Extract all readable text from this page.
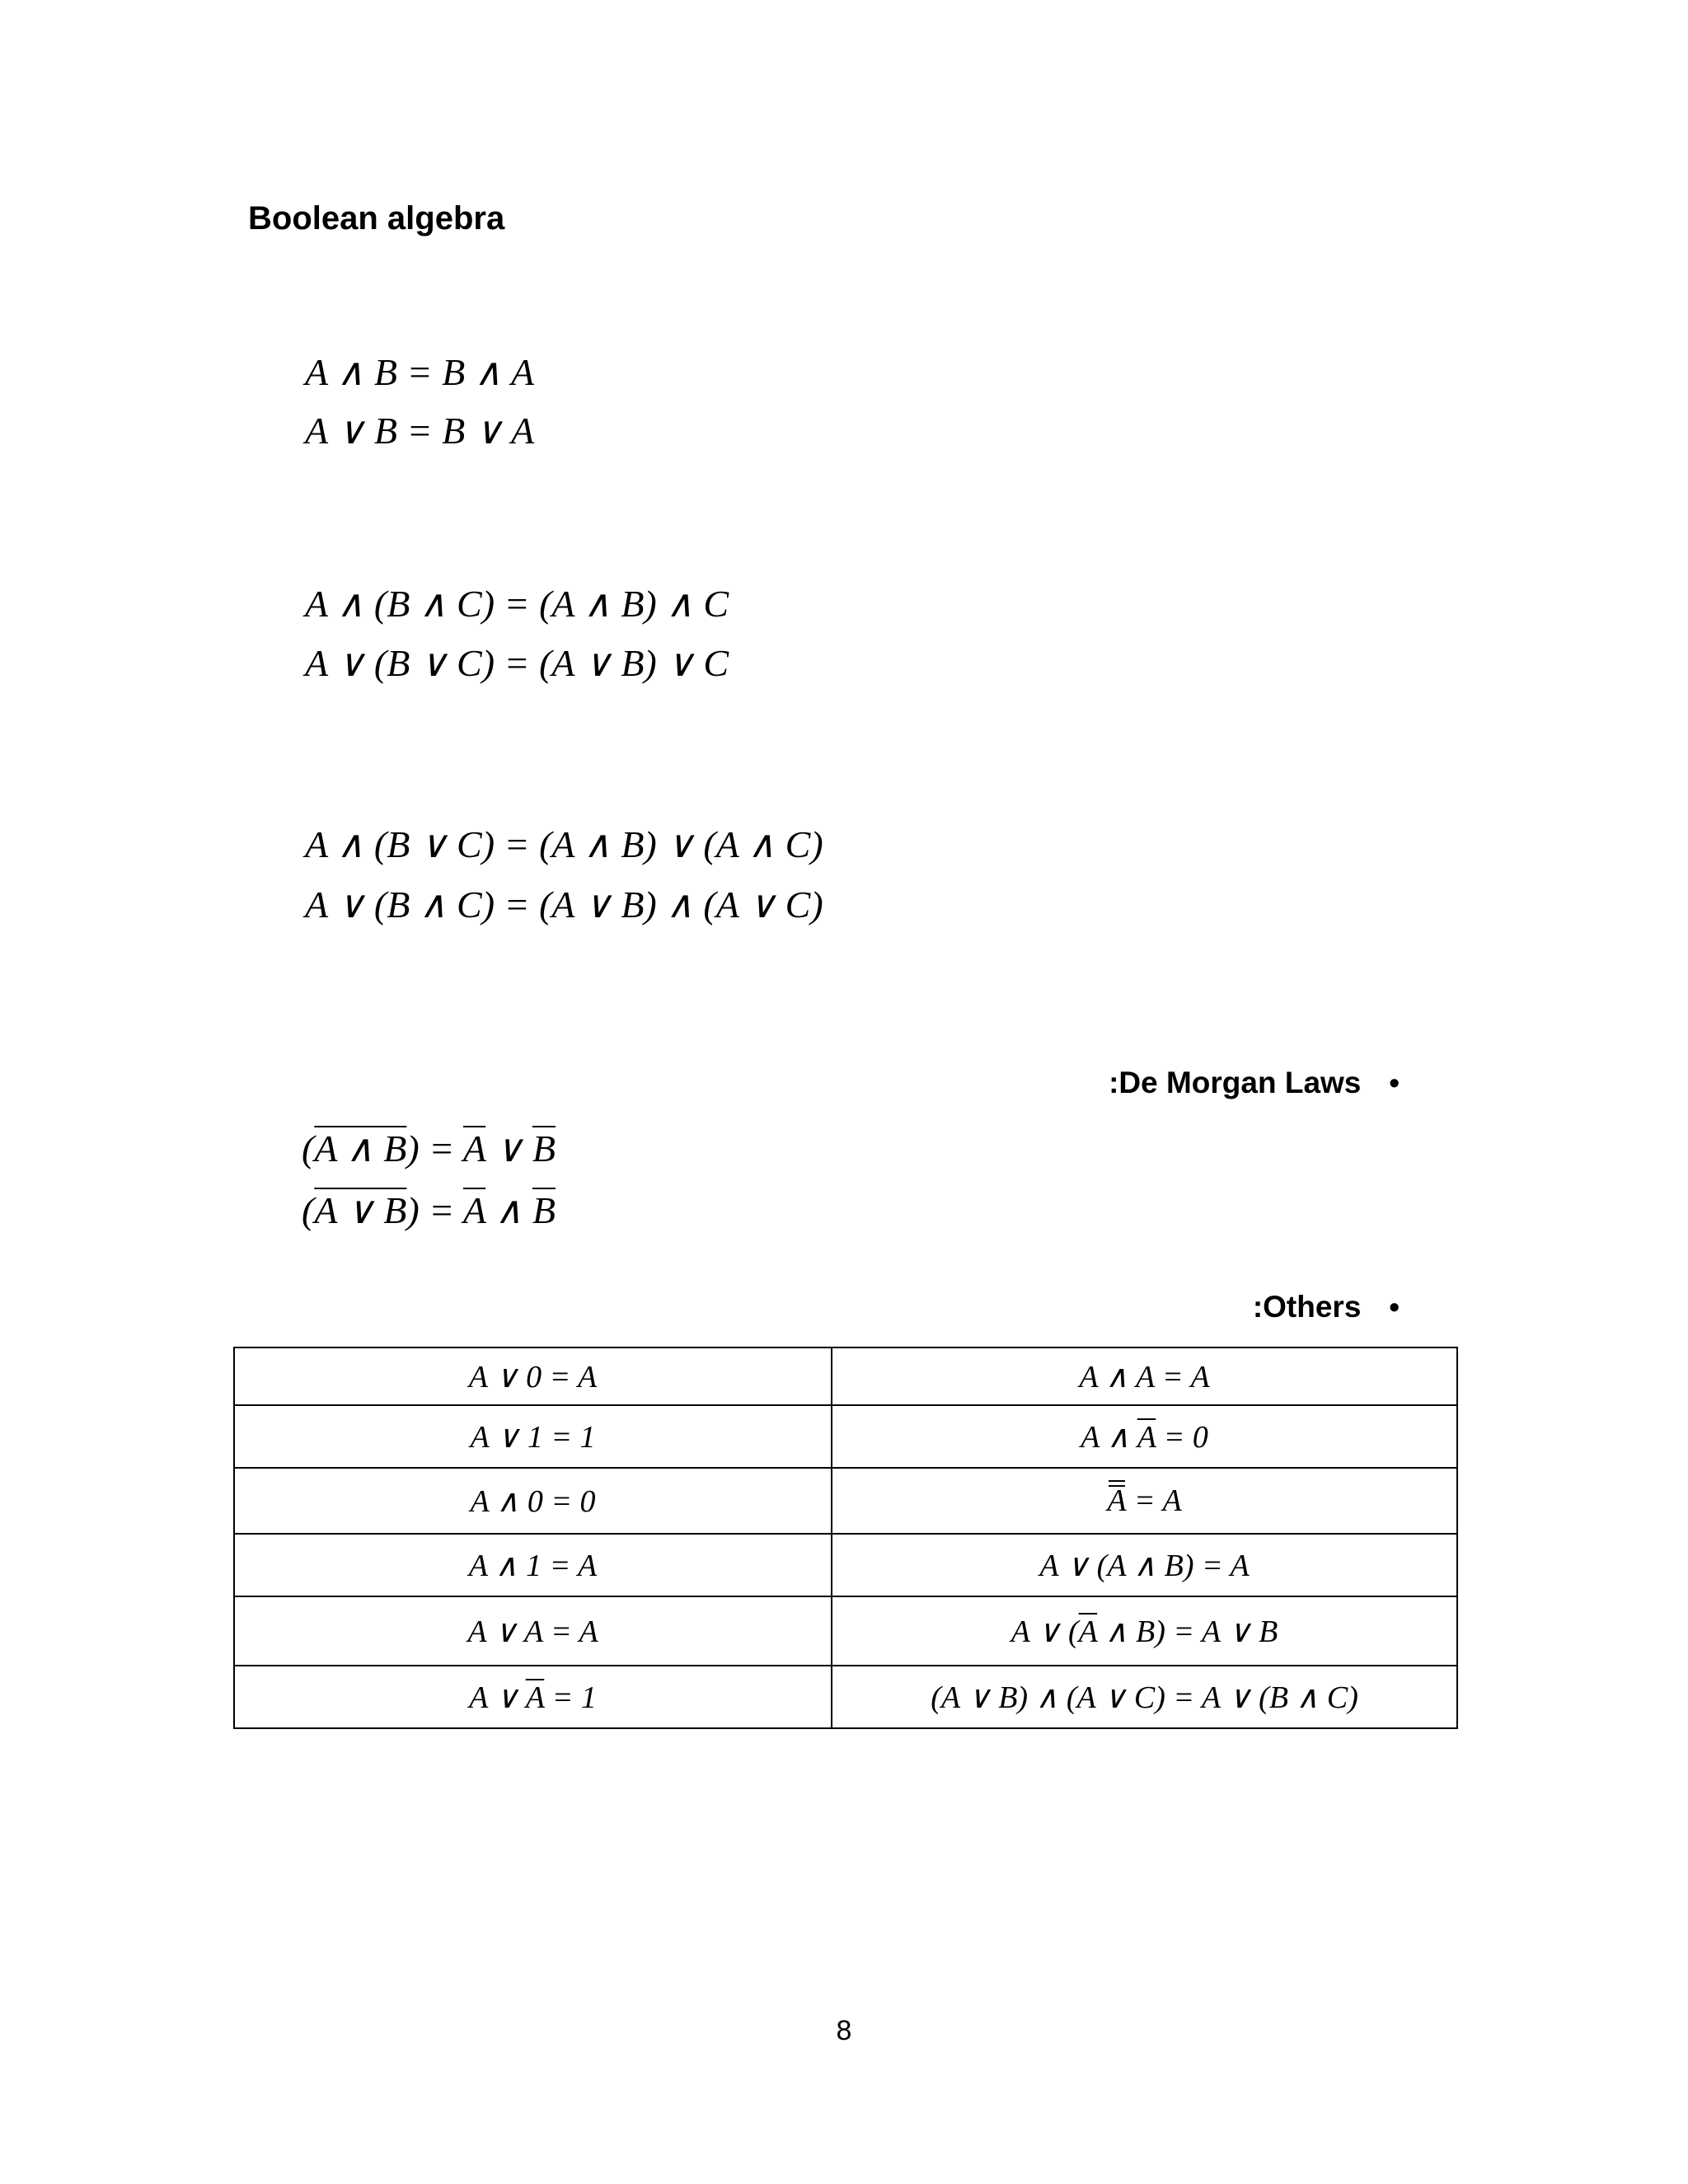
Boolean algebra
A ∧ B = B ∧ A
A ∨ B = B ∨ A
A ∧ (B ∧ C) = (A ∧ B) ∧ C
A ∨ (B ∨ C) = (A ∨ B) ∨ C
A ∧ (B ∨ C) = (A ∧ B) ∨ (A ∧ C)
A ∨ (B ∧ C) = (A ∨ B) ∧ (A ∨ C)
:De Morgan Laws •
(A ∧ $B) = \overline{A}$ ∨ $\overline{B}$
(A ∨ $B) = \overline{A}$ ∧ $\overline{B}$
:Others •
A ∨ 0 = A	A ∧ A = A
A ∨ 1 = 1	A ∧ $\overline{A} = 0$
A ∧ 0 = 0	A = A
A ∧ 1 = A	A ∨ (A ∧ B) = A
A ∨ A = A	A ∨ ($\overline{A}$ ∧ B) = A ∨ B
A ∨ $\overline{A} = 1$	(A ∨ B) ∧ (A ∨ C) = A ∨ (B ∧ C)
8
